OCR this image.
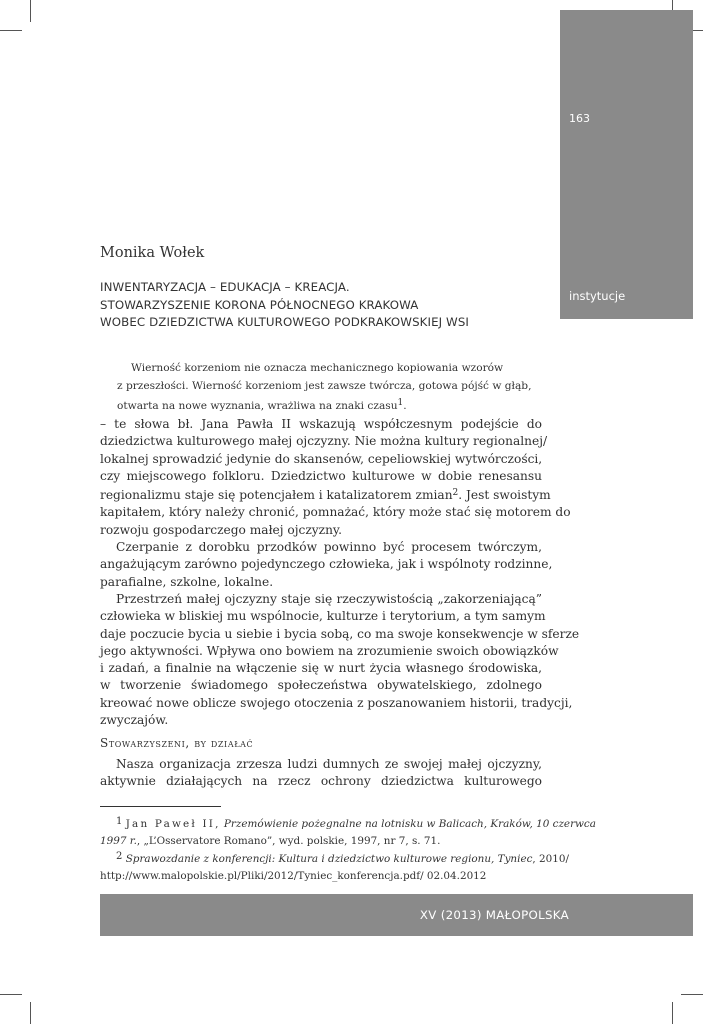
163
instytucje
Monika Wołek
INWENTARYZACJA – EDUKACJA – KREACJA.
STOWARZYSZENIE KORONA PÓŁNOCNEGO KRAKOWA
WOBEC DZIEDZICTWA KULTUROWEGO PODKRAKOWSKIEJ WSI
Wierność korzeniom nie oznacza mechanicznego kopiowania wzorów
z przeszłości. Wierność korzeniom jest zawsze twórcza, gotowa pójść w głąb,
otwarta na nowe wyznania, wrażliwa na znaki czasu$^1$.
– te słowa bł. Jana Pawła II wskazują współczesnym podejście do
dziedzictwa kulturowego małej ojczyzny. Nie można kultury regionalnej/
lokalnej sprowadzić jedynie do skansenów, cepeliowskiej wytwórczości,
czy miejscowego folkloru. Dziedzictwo kulturowe w dobie renesansu
regionalizmu staje się potencjałem i katalizatorem zmian$^2$. Jest swoistym
kapitałem, który należy chronić, pomnażać, który może stać się motorem do
rozwoju gospodarczego małej ojczyzny.
Czerpanie z dorobku przodków powinno być procesem twórczym,
angażującym zarówno pojedynczego człowieka, jak i wspólnoty rodzinne,
parafialne, szkolne, lokalne.
Przestrzeń małej ojczyzny staje się rzeczywistością „zakorzeniającą”
człowieka w bliskiej mu wspólnocie, kulturze i terytorium, a tym samym
daje poczucie bycia u siebie i bycia sobą, co ma swoje konsekwencje w sferze
jego aktywności. Wpływa ono bowiem na zrozumienie swoich obowiązków
i zadań, a finalnie na włączenie się w nurt życia własnego środowiska,
w tworzenie świadomego społeczeństwa obywatelskiego, zdolnego
kreować nowe oblicze swojego otoczenia z poszanowaniem historii, tradycji,
zwyczajów.
Stowarzyszeni, by działać
Nasza organizacja zrzesza ludzi dumnych ze swojej małej ojczyzny,
aktywnie działających na rzecz ochrony dziedzictwa kulturowego
$^1$ Jan Paweł II, Przemówienie pożegnalne na lotnisku w Balicach, Kraków, 10 czerwca
1997 r., „L’Osservatore Romano”, wyd. polskie, 1997, nr 7, s. 71.
$^2$ Sprawozdanie z konferencji: Kultura i dziedzictwo kulturowe regionu, Tyniec, 2010/
http://www.malopolskie.pl/Pliki/2012/Tyniec_konferencja.pdf/ 02.04.2012
XV (2013) MAŁOPOLSKA
